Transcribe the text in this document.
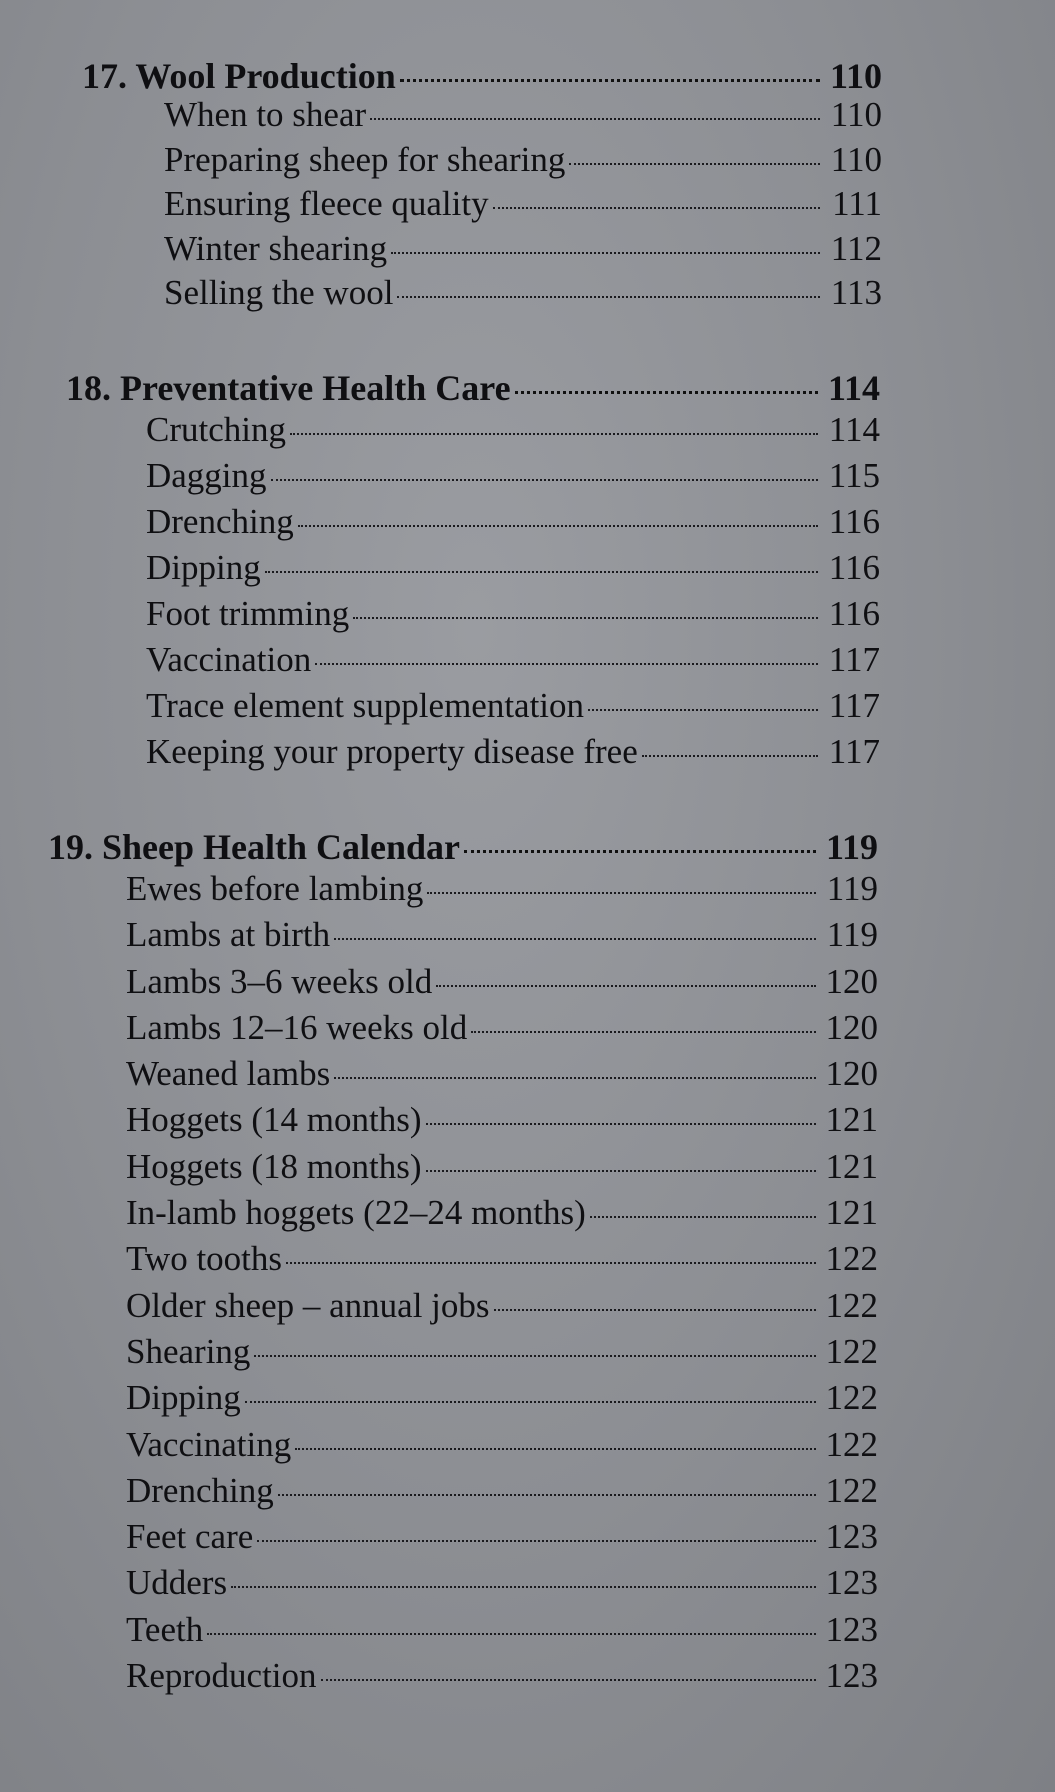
17. Wool Production	110
When to shear	110
Preparing sheep for shearing	110
Ensuring fleece quality	111
Winter shearing	112
Selling the wool	113
18. Preventative Health Care	114
Crutching	114
Dagging	115
Drenching	116
Dipping	116
Foot trimming	116
Vaccination	117
Trace element supplementation	117
Keeping your property disease free	117
19. Sheep Health Calendar	119
Ewes before lambing	119
Lambs at birth	119
Lambs 3–6 weeks old	120
Lambs 12–16 weeks old	120
Weaned lambs	120
Hoggets (14 months)	121
Hoggets (18 months)	121
In-lamb hoggets (22–24 months)	121
Two tooths	122
Older sheep – annual jobs	122
Shearing	122
Dipping	122
Vaccinating	122
Drenching	122
Feet care	123
Udders	123
Teeth	123
Reproduction	123
